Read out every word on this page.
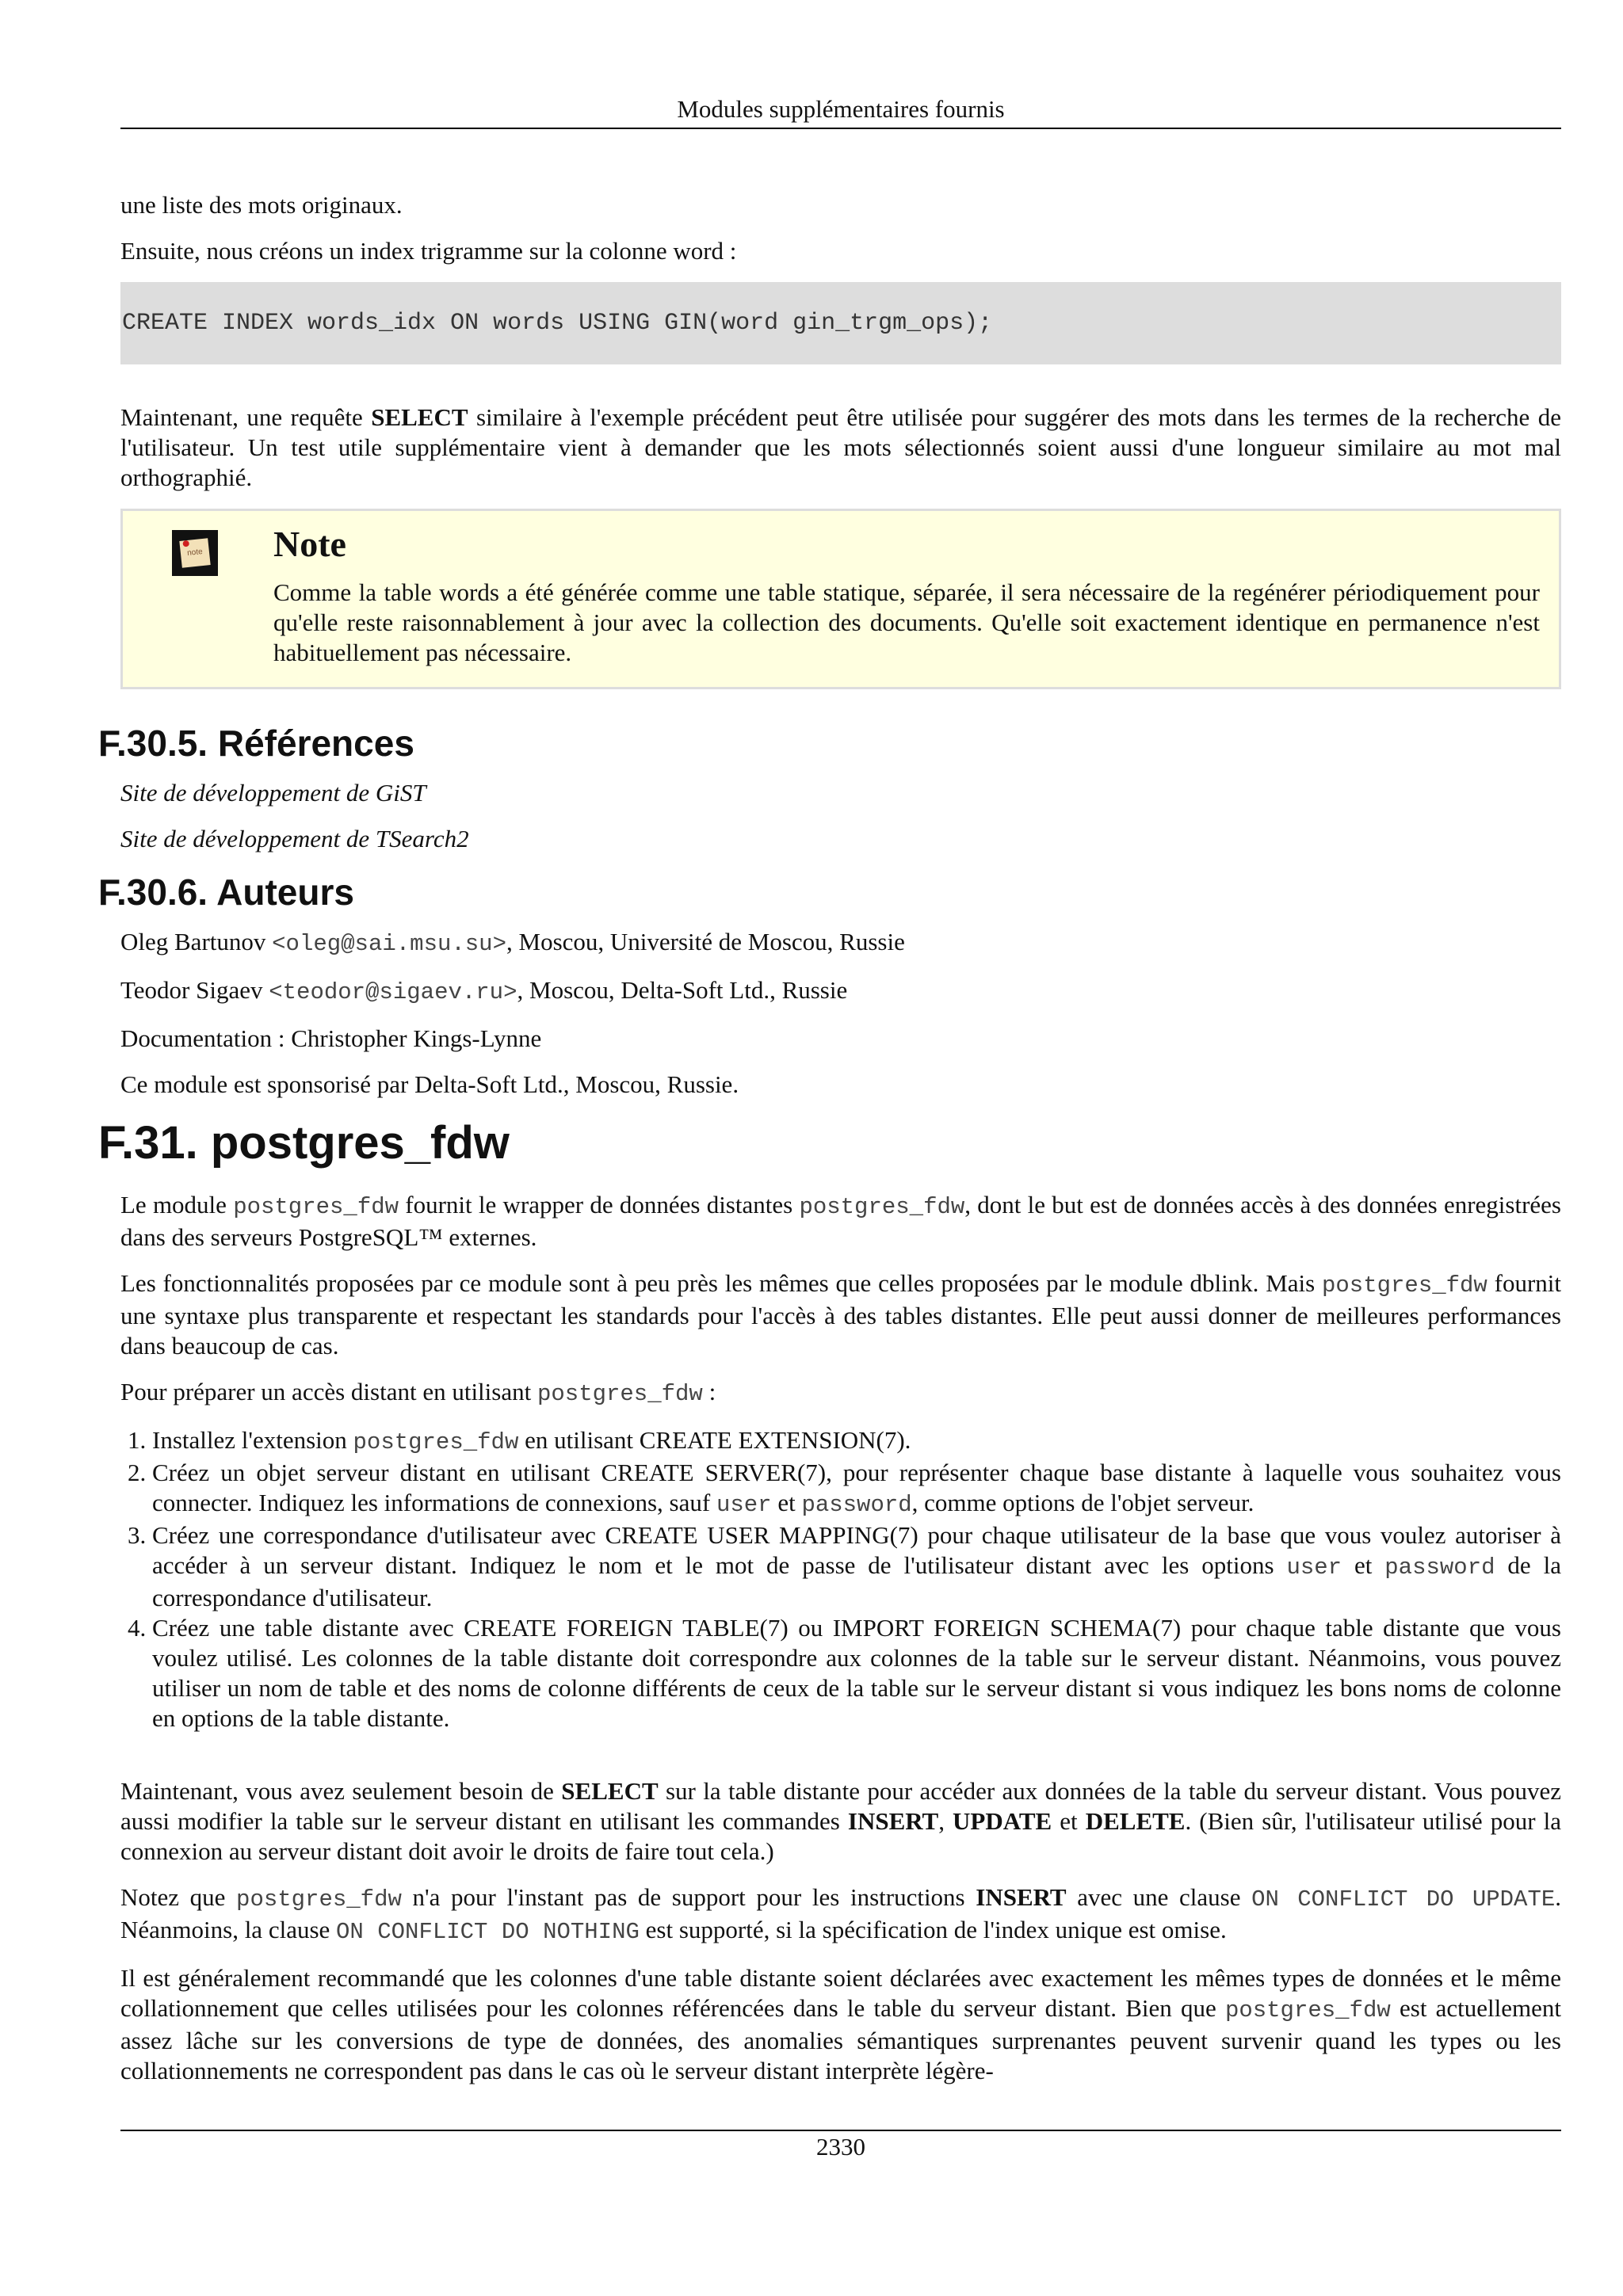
Modules supplémentaires fournis

une liste des mots originaux.

Ensuite, nous créons un index trigramme sur la colonne word :

CREATE INDEX words_idx ON words USING GIN(word gin_trgm_ops);

Maintenant, une requête SELECT similaire à l'exemple précédent peut être utilisée pour suggérer des mots dans les termes de la recherche de l'utilisateur. Un test utile supplémentaire vient à demander que les mots sélectionnés soient aussi d'une longueur similaire au mot mal orthographié.

note Note

Comme la table words a été générée comme une table statique, séparée, il sera nécessaire de la regénérer périodiquement pour qu'elle reste raisonnablement à jour avec la collection des documents. Qu'elle soit exactement identique en permanence n'est habituellement pas nécessaire.

F.30.5. Références
Site de développement de GiST
Site de développement de TSearch2
F.30.6. Auteurs

Oleg Bartunov <oleg@sai.msu.su>, Moscou, Université de Moscou, Russie

Teodor Sigaev <teodor@sigaev.ru>, Moscou, Delta-Soft Ltd., Russie

Documentation : Christopher Kings-Lynne

Ce module est sponsorisé par Delta-Soft Ltd., Moscou, Russie.

F.31. postgres_fdw

Le module postgres_fdw fournit le wrapper de données distantes postgres_fdw, dont le but est de données accès à des données enregistrées dans des serveurs PostgreSQL™ externes.

Les fonctionnalités proposées par ce module sont à peu près les mêmes que celles proposées par le module dblink. Mais postgres_fdw fournit une syntaxe plus transparente et respectant les standards pour l'accès à des tables distantes. Elle peut aussi donner de meilleures performances dans beaucoup de cas.

Pour préparer un accès distant en utilisant postgres_fdw :

1. Installez l'extension postgres_fdw en utilisant CREATE EXTENSION(7).
2. Créez un objet serveur distant en utilisant CREATE SERVER(7), pour représenter chaque base distante à laquelle vous souhaitez vous connecter. Indiquez les informations de connexions, sauf user et password, comme options de l'objet serveur.
3. Créez une correspondance d'utilisateur avec CREATE USER MAPPING(7) pour chaque utilisateur de la base que vous voulez autoriser à accéder à un serveur distant. Indiquez le nom et le mot de passe de l'utilisateur distant avec les options user et password de la correspondance d'utilisateur.
4. Créez une table distante avec CREATE FOREIGN TABLE(7) ou IMPORT FOREIGN SCHEMA(7) pour chaque table distante que vous voulez utilisé. Les colonnes de la table distante doit correspondre aux colonnes de la table sur le serveur distant. Néanmoins, vous pouvez utiliser un nom de table et des noms de colonne différents de ceux de la table sur le serveur distant si vous indiquez les bons noms de colonne en options de la table distante.

Maintenant, vous avez seulement besoin de SELECT sur la table distante pour accéder aux données de la table du serveur distant. Vous pouvez aussi modifier la table sur le serveur distant en utilisant les commandes INSERT, UPDATE et DELETE. (Bien sûr, l'utilisateur utilisé pour la connexion au serveur distant doit avoir le droits de faire tout cela.)

Notez que postgres_fdw n'a pour l'instant pas de support pour les instructions INSERT avec une clause ON CONFLICT DO UPDATE. Néanmoins, la clause ON CONFLICT DO NOTHING est supporté, si la spécification de l'index unique est omise.

Il est généralement recommandé que les colonnes d'une table distante soient déclarées avec exactement les mêmes types de données et le même collationnement que celles utilisées pour les colonnes référencées dans le table du serveur distant. Bien que postgres_fdw est actuellement assez lâche sur les conversions de type de données, des anomalies sémantiques surprenantes peuvent survenir quand les types ou les collationnements ne correspondent pas dans le cas où le serveur distant interprète légère-

2330
